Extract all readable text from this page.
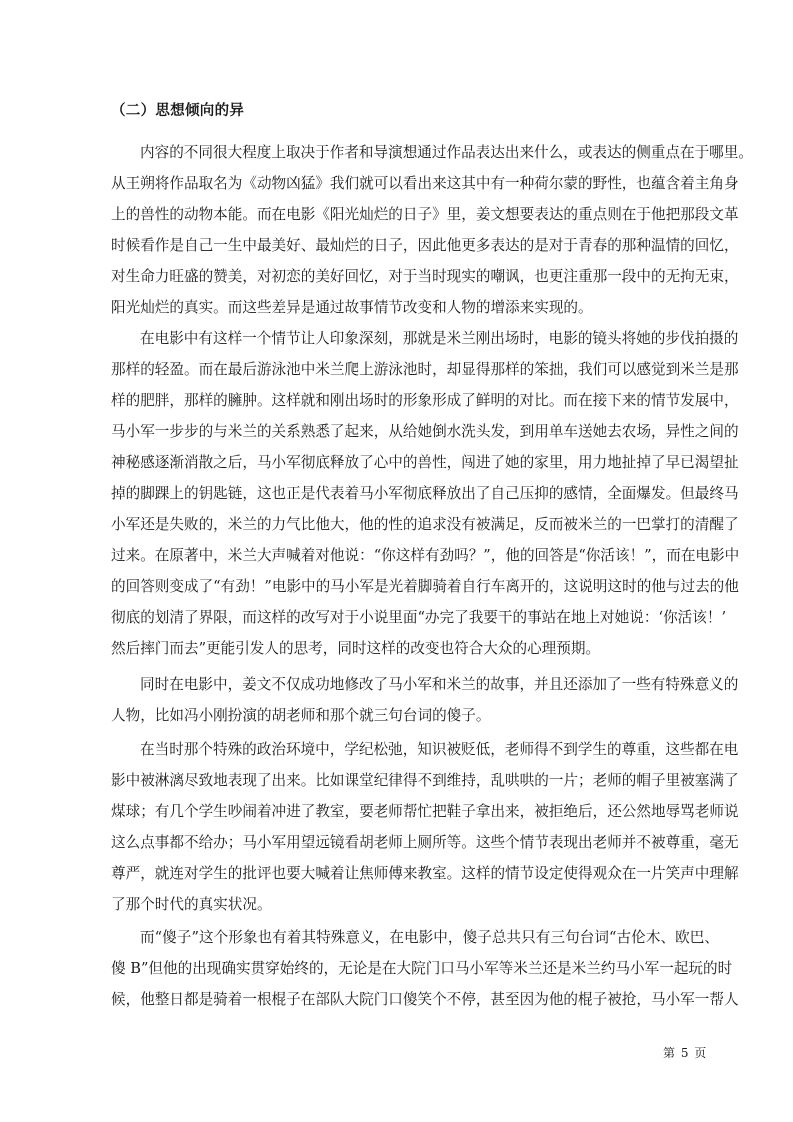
（二）思想倾向的异
内容的不同很大程度上取决于作者和导演想通过作品表达出来什么，或表达的侧重点在于哪里。
从王朔将作品取名为《动物凶猛》我们就可以看出来这其中有一种荷尔蒙的野性，也蕴含着主角身
上的兽性的动物本能。而在电影《阳光灿烂的日子》里，姜文想要表达的重点则在于他把那段文革
时候看作是自己一生中最美好、最灿烂的日子，因此他更多表达的是对于青春的那种温情的回忆，
对生命力旺盛的赞美，对初恋的美好回忆，对于当时现实的嘲讽，也更注重那一段中的无拘无束，
阳光灿烂的真实。而这些差异是通过故事情节改变和人物的增添来实现的。
在电影中有这样一个情节让人印象深刻，那就是米兰刚出场时，电影的镜头将她的步伐拍摄的
那样的轻盈。而在最后游泳池中米兰爬上游泳池时，却显得那样的笨拙，我们可以感觉到米兰是那
样的肥胖，那样的臃肿。这样就和刚出场时的形象形成了鲜明的对比。而在接下来的情节发展中，
马小军一步步的与米兰的关系熟悉了起来，从给她倒水洗头发，到用单车送她去农场，异性之间的
神秘感逐渐消散之后，马小军彻底释放了心中的兽性，闯进了她的家里，用力地扯掉了早已渴望扯
掉的脚踝上的钥匙链，这也正是代表着马小军彻底释放出了自己压抑的感情，全面爆发。但最终马
小军还是失败的，米兰的力气比他大，他的性的追求没有被满足，反而被米兰的一巴掌打的清醒了
过来。在原著中，米兰大声喊着对他说：“你这样有劲吗？”，他的回答是“你活该！”，而在电影中
的回答则变成了“有劲！”电影中的马小军是光着脚骑着自行车离开的，这说明这时的他与过去的他
彻底的划清了界限，而这样的改写对于小说里面“办完了我要干的事站在地上对她说：‘你活该！’
然后摔门而去”更能引发人的思考，同时这样的改变也符合大众的心理预期。
同时在电影中，姜文不仅成功地修改了马小军和米兰的故事，并且还添加了一些有特殊意义的
人物，比如冯小刚扮演的胡老师和那个就三句台词的傻子。
在当时那个特殊的政治环境中，学纪松弛，知识被贬低，老师得不到学生的尊重，这些都在电
影中被淋漓尽致地表现了出来。比如课堂纪律得不到维持，乱哄哄的一片；老师的帽子里被塞满了
煤球；有几个学生吵闹着冲进了教室，要老师帮忙把鞋子拿出来，被拒绝后，还公然地辱骂老师说
这么点事都不给办；马小军用望远镜看胡老师上厕所等。这些个情节表现出老师并不被尊重，毫无
尊严，就连对学生的批评也要大喊着让焦师傅来教室。这样的情节设定使得观众在一片笑声中理解
了那个时代的真实状况。
而“傻子”这个形象也有着其特殊意义，在电影中，傻子总共只有三句台词“古伦木、欧巴、
傻 B”但他的出现确实贯穿始终的，无论是在大院门口马小军等米兰还是米兰约马小军一起玩的时
候，他整日都是骑着一根棍子在部队大院门口傻笑个不停，甚至因为他的棍子被抢，马小军一帮人
第 5 页
